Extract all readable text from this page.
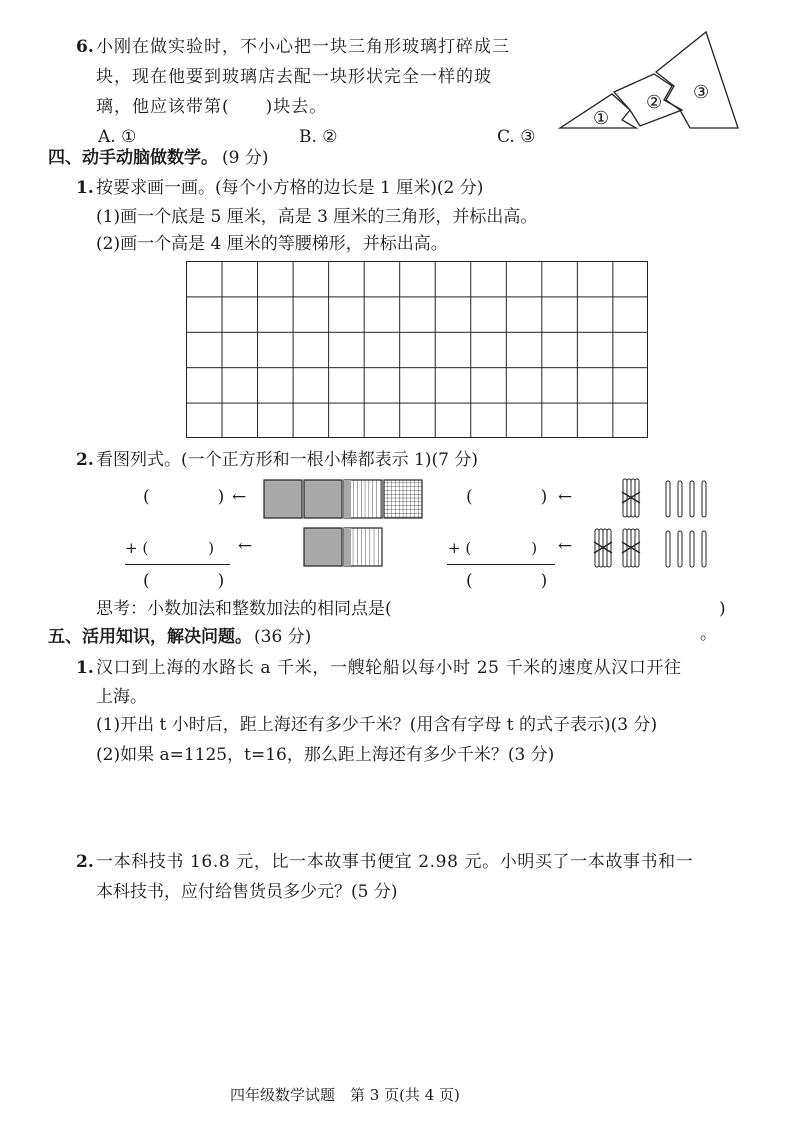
6. 小刚在做实验时，不小心把一块三角形玻璃打碎成三
块，现在他要到玻璃店去配一块形状完全一样的玻
璃，他应该带第(　　)块去。
A. ①	B. ②	C. ③
①
② ③
四、动手动脑做数学。 (9 分)
1. 按要求画一画。(每个小方格的边长是 1 厘米)(2 分)
(1)画一个底是 5 厘米，高是 3 厘米的三角形，并标出高。
(2)画一个高是 4 厘米的等腰梯形，并标出高。
2. 看图列式。(一个正方形和一根小棒都表示 1)(7 分)
(　　　　) ←
+ (　　　　) ←
(　　　　)
(　　　　) ←
+ (　　　　) ←
(　　　　)
思考：小数加法和整数加法的相同点是(	)
。
五、活用知识，解决问题。 (36 分)
1. 汉口到上海的水路长 a 千米，一艘轮船以每小时 25 千米的速度从汉口开往
上海。
(1)开出 t 小时后，距上海还有多少千米？(用含有字母 t 的式子表示)(3 分)
(2)如果 a=1125，t=16，那么距上海还有多少千米？(3 分)
2. 一本科技书 16.8 元，比一本故事书便宜 2.98 元。小明买了一本故事书和一
本科技书，应付给售货员多少元？(5 分)
四年级数学试题　第 3 页(共 4 页)
